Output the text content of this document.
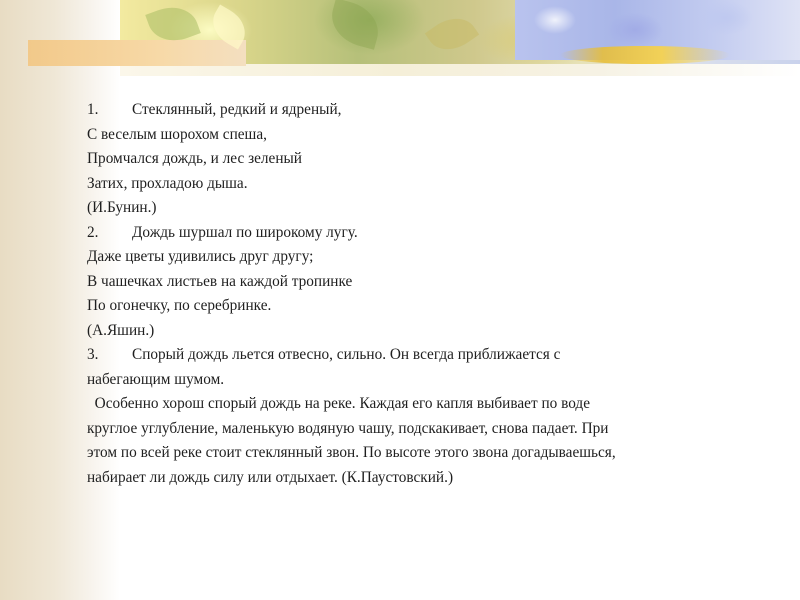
1. Стеклянный, редкий и ядреный,
С веселым шорохом спеша,
Промчался дождь, и лес зеленый
Затих, прохладою дыша.
(И.Бунин.)
2. Дождь шуршал по широкому лугу.
Даже цветы удивились друг другу;
В чашечках листьев на каждой тропинке
По огонечку, по серебринке.
(А.Яшин.)
3. Спорый дождь льется отвесно, сильно. Он всегда приближается с
набегающим шумом.
Особенно хорош спорый дождь на реке. Каждая его капля выбивает по воде
круглое углубление, маленькую водяную чашу, подскакивает, снова падает. При
этом по всей реке стоит стеклянный звон. По высоте этого звона догадываешься,
набирает ли дождь силу или отдыхает. (К.Паустовский.)
